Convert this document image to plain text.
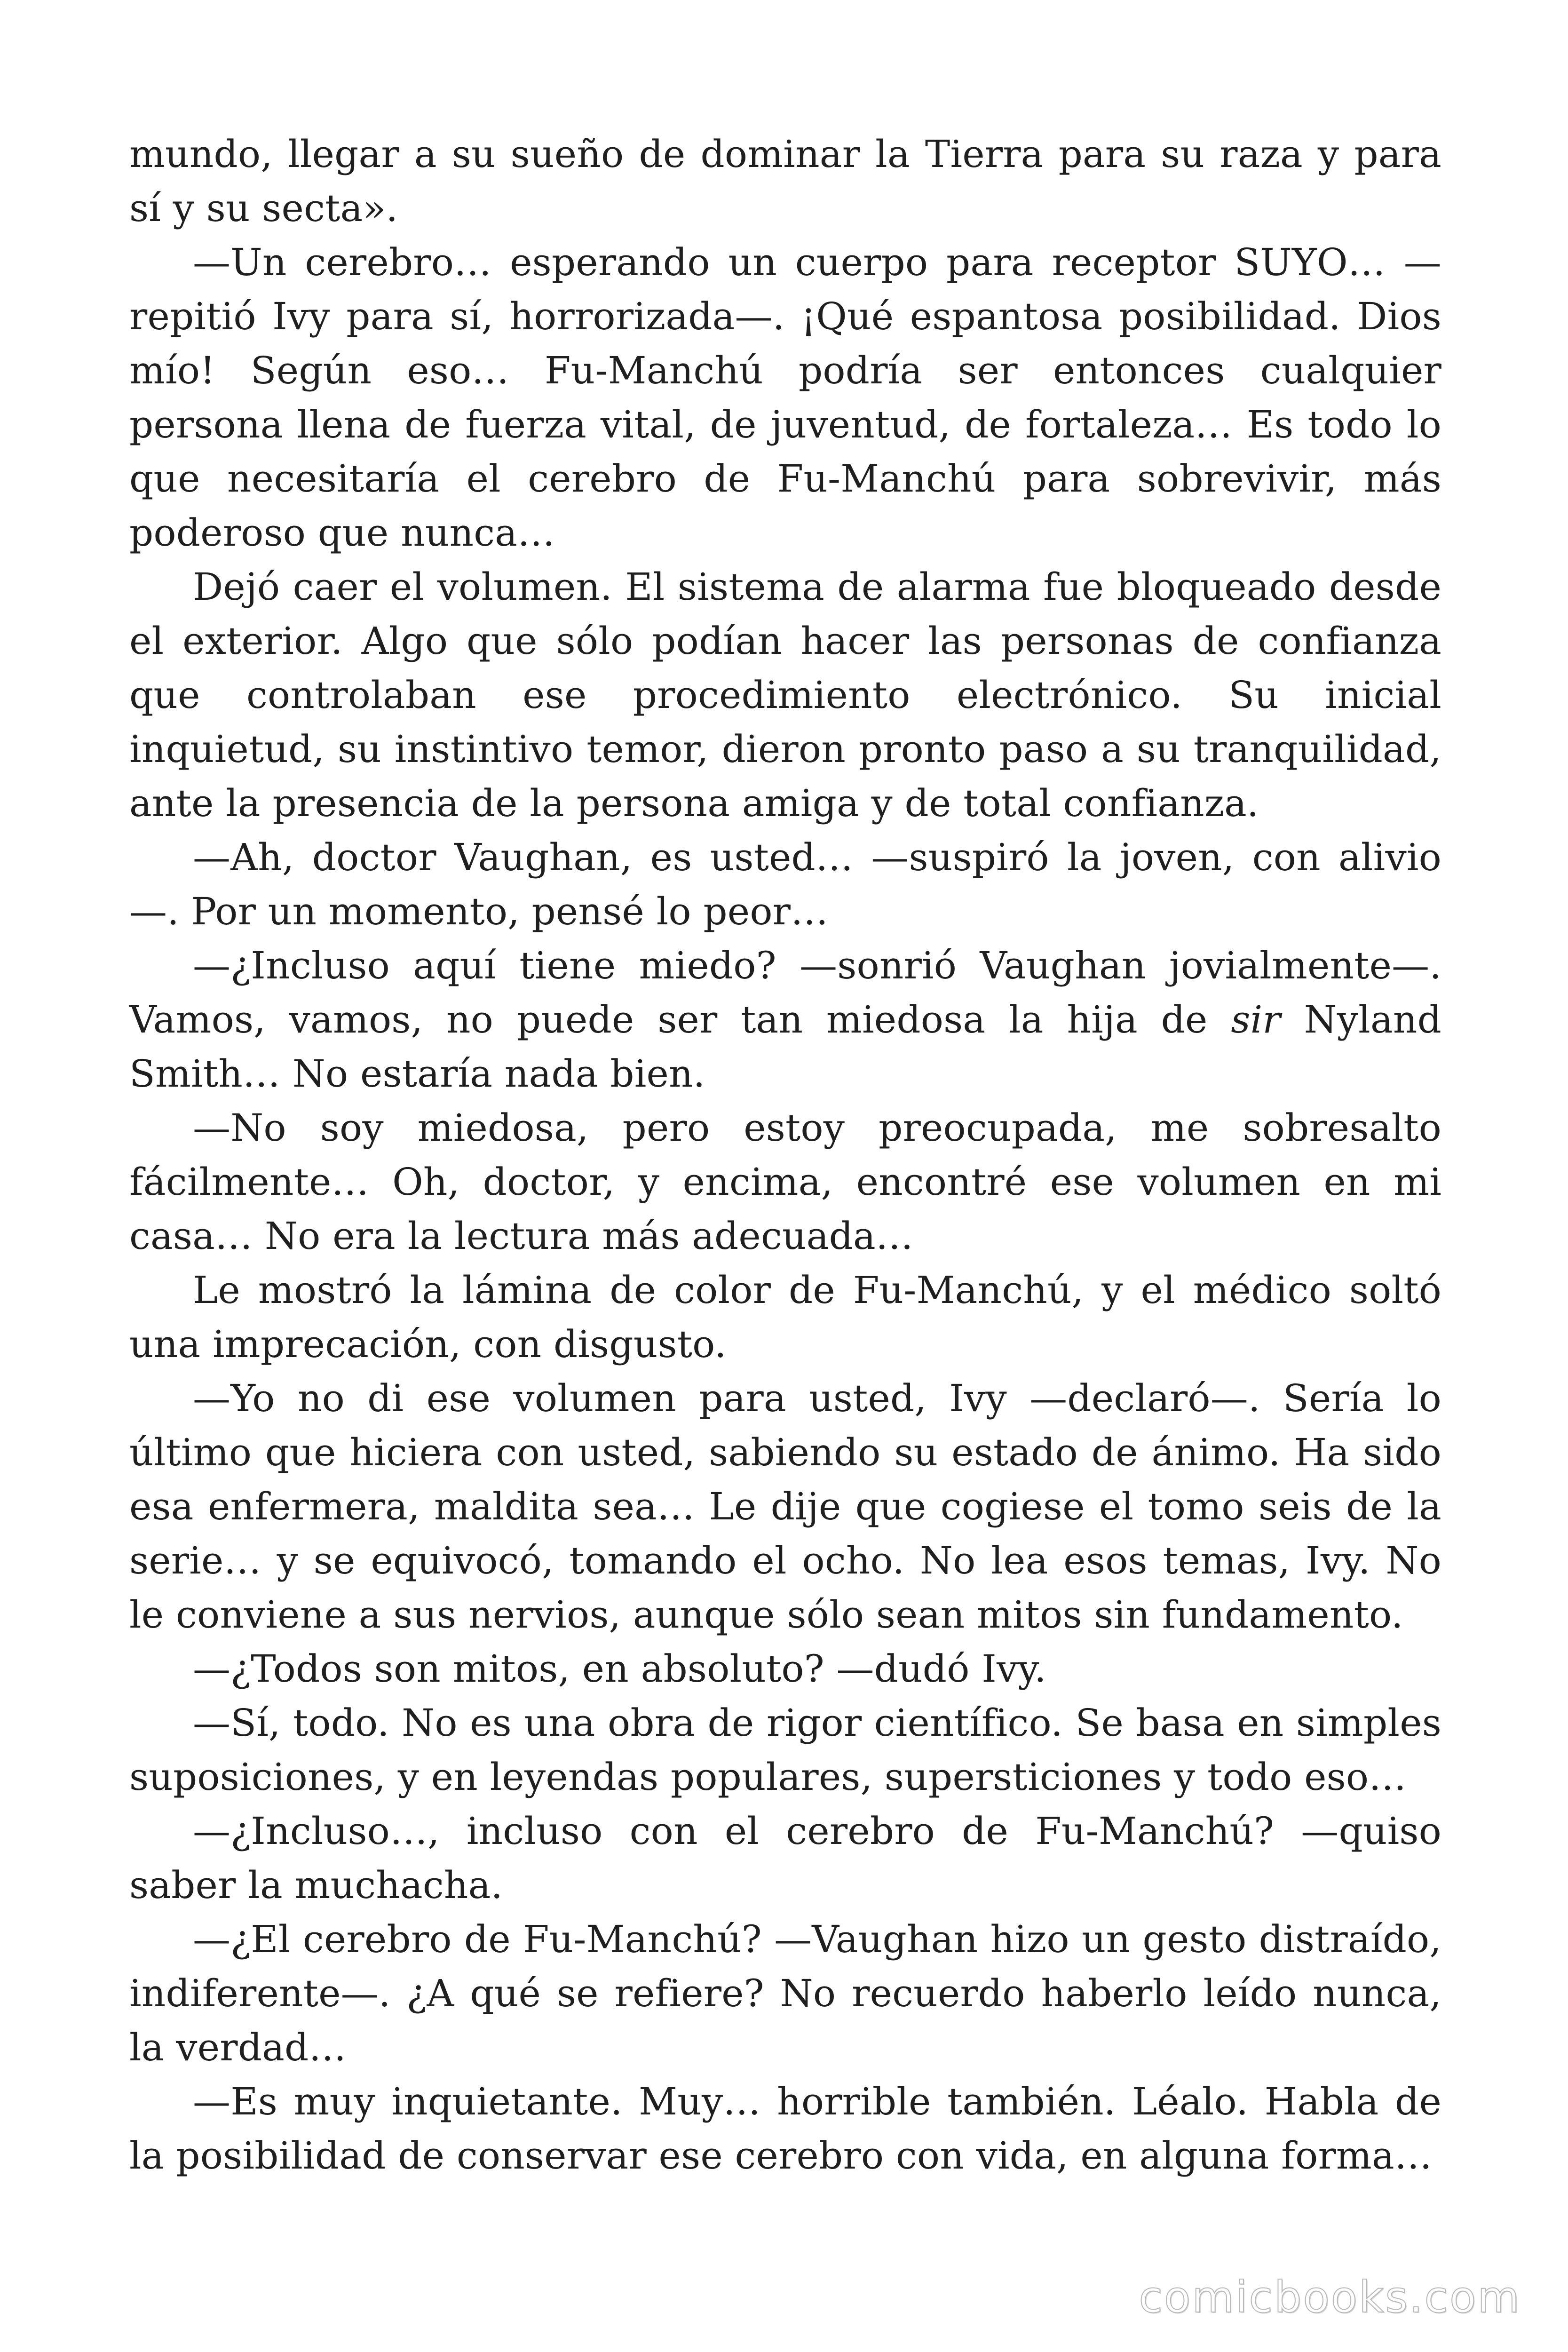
mundo, llegar a su sueño de dominar la Tierra para su raza y para sí y su secta».

—Un cerebro… esperando un cuerpo para receptor SUYO… —repitió Ivy para sí, horrorizada—. ¡Qué espantosa posibilidad. Dios mío! Según eso… Fu-Manchú podría ser entonces cualquier persona llena de fuerza vital, de juventud, de fortaleza… Es todo lo que necesitaría el cerebro de Fu-Manchú para sobrevivir, más poderoso que nunca…

Dejó caer el volumen. El sistema de alarma fue bloqueado desde el exterior. Algo que sólo podían hacer las personas de confianza que controlaban ese procedimiento electrónico. Su inicial inquietud, su instintivo temor, dieron pronto paso a su tranquilidad, ante la presencia de la persona amiga y de total confianza.

—Ah, doctor Vaughan, es usted… —suspiró la joven, con alivio —. Por un momento, pensé lo peor…

—¿Incluso aquí tiene miedo? —sonrió Vaughan jovialmente—. Vamos, vamos, no puede ser tan miedosa la hija de sir Nyland Smith… No estaría nada bien.

—No soy miedosa, pero estoy preocupada, me sobresalto fácilmente… Oh, doctor, y encima, encontré ese volumen en mi casa… No era la lectura más adecuada…

Le mostró la lámina de color de Fu-Manchú, y el médico soltó una imprecación, con disgusto.

—Yo no di ese volumen para usted, Ivy —declaró—. Sería lo último que hiciera con usted, sabiendo su estado de ánimo. Ha sido esa enfermera, maldita sea… Le dije que cogiese el tomo seis de la serie… y se equivocó, tomando el ocho. No lea esos temas, Ivy. No le conviene a sus nervios, aunque sólo sean mitos sin fundamento.

—¿Todos son mitos, en absoluto? —dudó Ivy.

—Sí, todo. No es una obra de rigor científico. Se basa en simples suposiciones, y en leyendas populares, supersticiones y todo eso…

—¿Incluso…, incluso con el cerebro de Fu-Manchú? —quiso saber la muchacha.

—¿El cerebro de Fu-Manchú? —Vaughan hizo un gesto distraído, indiferente—. ¿A qué se refiere? No recuerdo haberlo leído nunca, la verdad…

—Es muy inquietante. Muy… horrible también. Léalo. Habla de la posibilidad de conservar ese cerebro con vida, en alguna forma…

comicbooks.com
